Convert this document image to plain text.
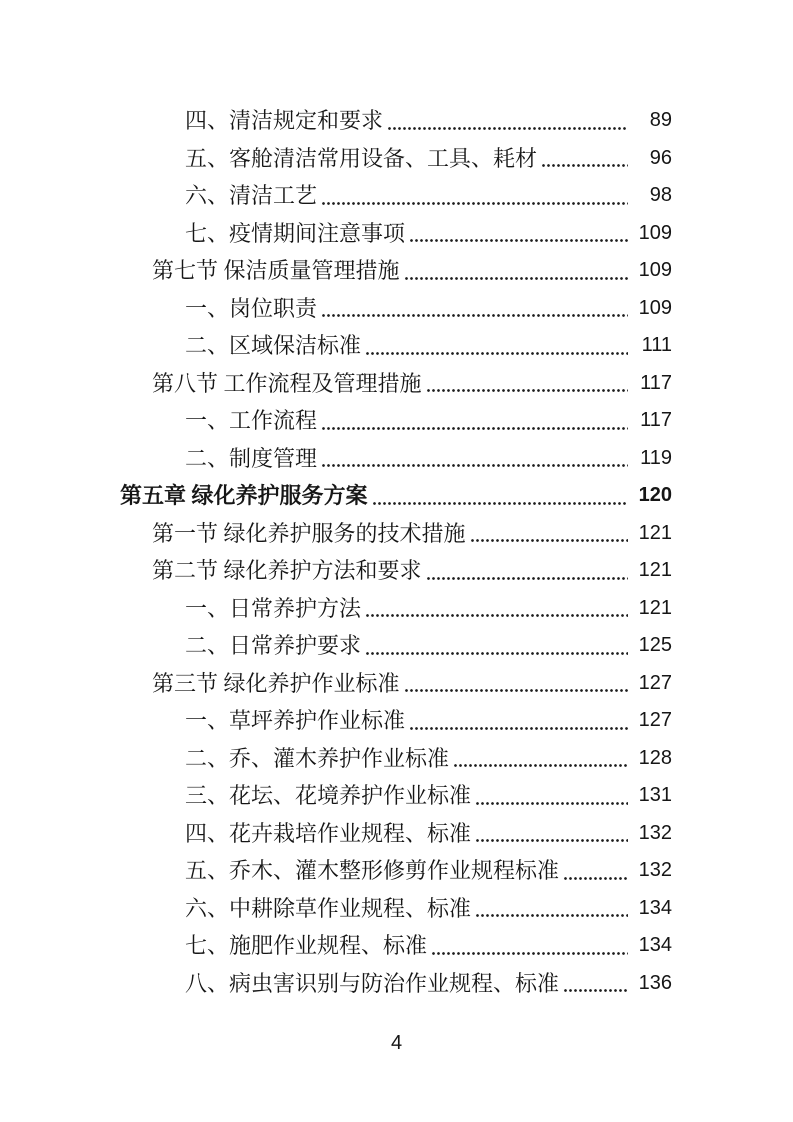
四、清洁规定和要求	89
五、客舱清洁常用设备、工具、耗材	96
六、清洁工艺	98
七、疫情期间注意事项	109
第七节 保洁质量管理措施	109
一、岗位职责	109
二、区域保洁标准	111
第八节 工作流程及管理措施	117
一、工作流程	117
二、制度管理	119
第五章 绿化养护服务方案	120
第一节 绿化养护服务的技术措施	121
第二节 绿化养护方法和要求	121
一、日常养护方法	121
二、日常养护要求	125
第三节 绿化养护作业标准	127
一、草坪养护作业标准	127
二、乔、灌木养护作业标准	128
三、花坛、花境养护作业标准	131
四、花卉栽培作业规程、标准	132
五、乔木、灌木整形修剪作业规程标准	132
六、中耕除草作业规程、标准	134
七、施肥作业规程、标准	134
八、病虫害识别与防治作业规程、标准	136
4
